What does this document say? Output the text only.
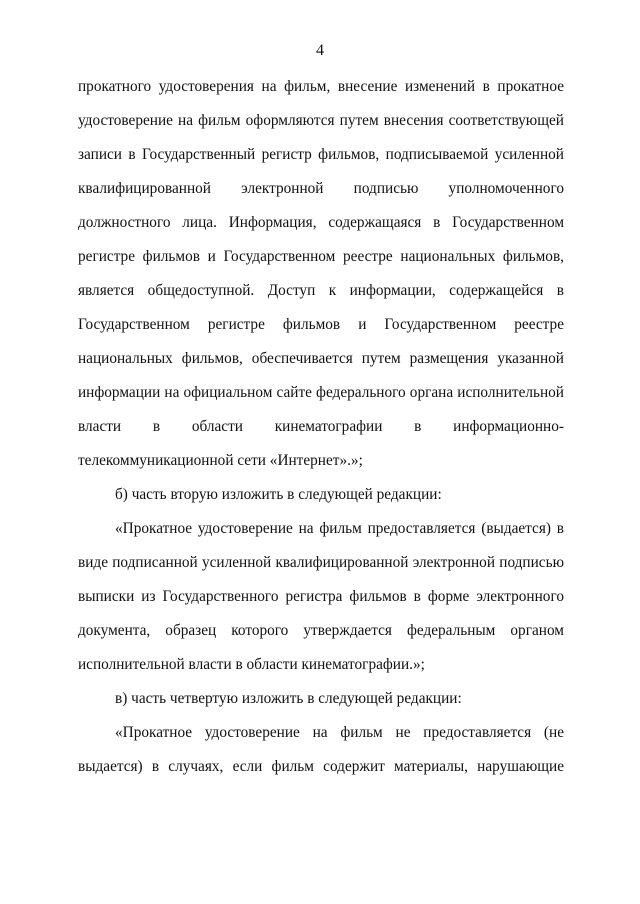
4
прокатного удостоверения на фильм, внесение изменений в прокатное
удостоверение на фильм оформляются путем внесения соответствующей
записи в Государственный регистр фильмов, подписываемой усиленной
квалифицированной электронной подписью уполномоченного
должностного лица. Информация, содержащаяся в Государственном
регистре фильмов и Государственном реестре национальных фильмов,
является общедоступной. Доступ к информации, содержащейся в
Государственном регистре фильмов и Государственном реестре
национальных фильмов, обеспечивается путем размещения указанной
информации на официальном сайте федерального органа исполнительной
власти в области кинематографии в информационно-
телекоммуникационной сети «Интернет».»;
б) часть вторую изложить в следующей редакции:
«Прокатное удостоверение на фильм предоставляется (выдается) в
виде подписанной усиленной квалифицированной электронной подписью
выписки из Государственного регистра фильмов в форме электронного
документа, образец которого утверждается федеральным органом
исполнительной власти в области кинематографии.»;
в) часть четвертую изложить в следующей редакции:
«Прокатное удостоверение на фильм не предоставляется (не
выдается) в случаях, если фильм содержит материалы, нарушающие
